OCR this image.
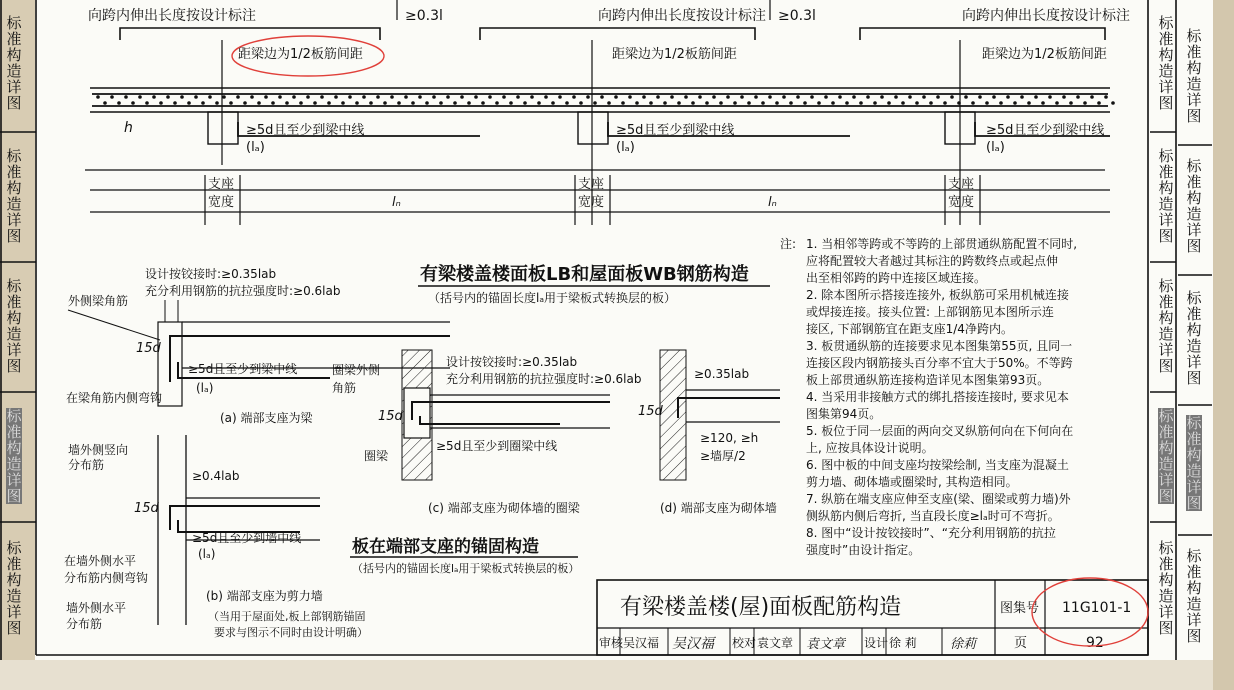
标准构造详图
标准构造详图
标准构造详图
标准构造详图
标准构造详图
标准构造详图
标准构造详图
标准构造详图
标准构造详图
标准构造详图
标准构造详图
标准构造详图
标准构造详图
标准构造详图
标准构造详图
向跨内伸出长度按设计标注	向跨内伸出长度按设计标注	向跨内伸出长度按设计标注
≥0.3l	≥0.3l
距梁边为1/2板筋间距	距梁边为1/2板筋间距	距梁边为1/2板筋间距
≥5d且至少到梁中线	≥5d且至少到梁中线	≥5d且至少到梁中线
(lₐ)	(lₐ)	(lₐ)
h
支座
宽度
支座
宽度
支座
宽度
lₙ	lₙ
有梁楼盖楼面板LB和屋面板WB钢筋构造
（括号内的锚固长度lₐ用于梁板式转换层的板）
设计按铰接时:≥0.35lab
充分利用钢筋的抗拉强度时:≥0.6lab
外侧梁角筋
15d
≥5d且至少到梁中线
(lₐ)
在梁角筋内侧弯钩
(a) 端部支座为梁
墙外侧竖向
分布筋
≥0.4lab
15d
≥5d且至少到墙中线
(lₐ)
在墙外侧水平
分布筋内侧弯钩
墙外侧水平
分布筋
(b) 端部支座为剪力墙
（当用于屋面处,板上部钢筋锚固
要求与图示不同时由设计明确）
圈梁外侧
角筋
设计按铰接时:≥0.35lab
充分利用钢筋的抗拉强度时:≥0.6lab
15d
圈梁
≥5d且至少到圈梁中线
(c) 端部支座为砌体墙的圈梁
≥0.35lab
15d
≥120, ≥h
≥墙厚/2
(d) 端部支座为砌体墙
板在端部支座的锚固构造
（括号内的锚固长度lₐ用于梁板式转换层的板）
注: 1. 当相邻等跨或不等跨的上部贯通纵筋配置不同时,
应将配置较大者越过其标注的跨数终点或起点伸
出至相邻跨的跨中连接区域连接。
2. 除本图所示搭接连接外, 板纵筋可采用机械连接
或焊接连接。接头位置: 上部钢筋见本图所示连
接区, 下部钢筋宜在距支座1/4净跨内。
3. 板贯通纵筋的连接要求见本图集第55页, 且同一
连接区段内钢筋接头百分率不宜大于50%。不等跨
板上部贯通纵筋连接构造详见本图集第93页。
4. 当采用非接触方式的绑扎搭接连接时, 要求见本
图集第94页。
5. 板位于同一层面的两向交叉纵筋何向在下何向在
上, 应按具体设计说明。
6. 图中板的中间支座均按梁绘制, 当支座为混凝土
剪力墙、砌体墙或圈梁时, 其构造相同。
7. 纵筋在端支座应伸至支座(梁、圈梁或剪力墙)外
侧纵筋内侧后弯折, 当直段长度≥lₐ时可不弯折。
8. 图中“设计按铰接时”、“充分利用钢筋的抗拉
强度时”由设计指定。
有梁楼盖楼(屋)面板配筋构造	图集号 11G101-1
页	92
审核 吴汉福 吴汉福 校对 袁文章 袁文章 设计 徐 莉	徐莉
